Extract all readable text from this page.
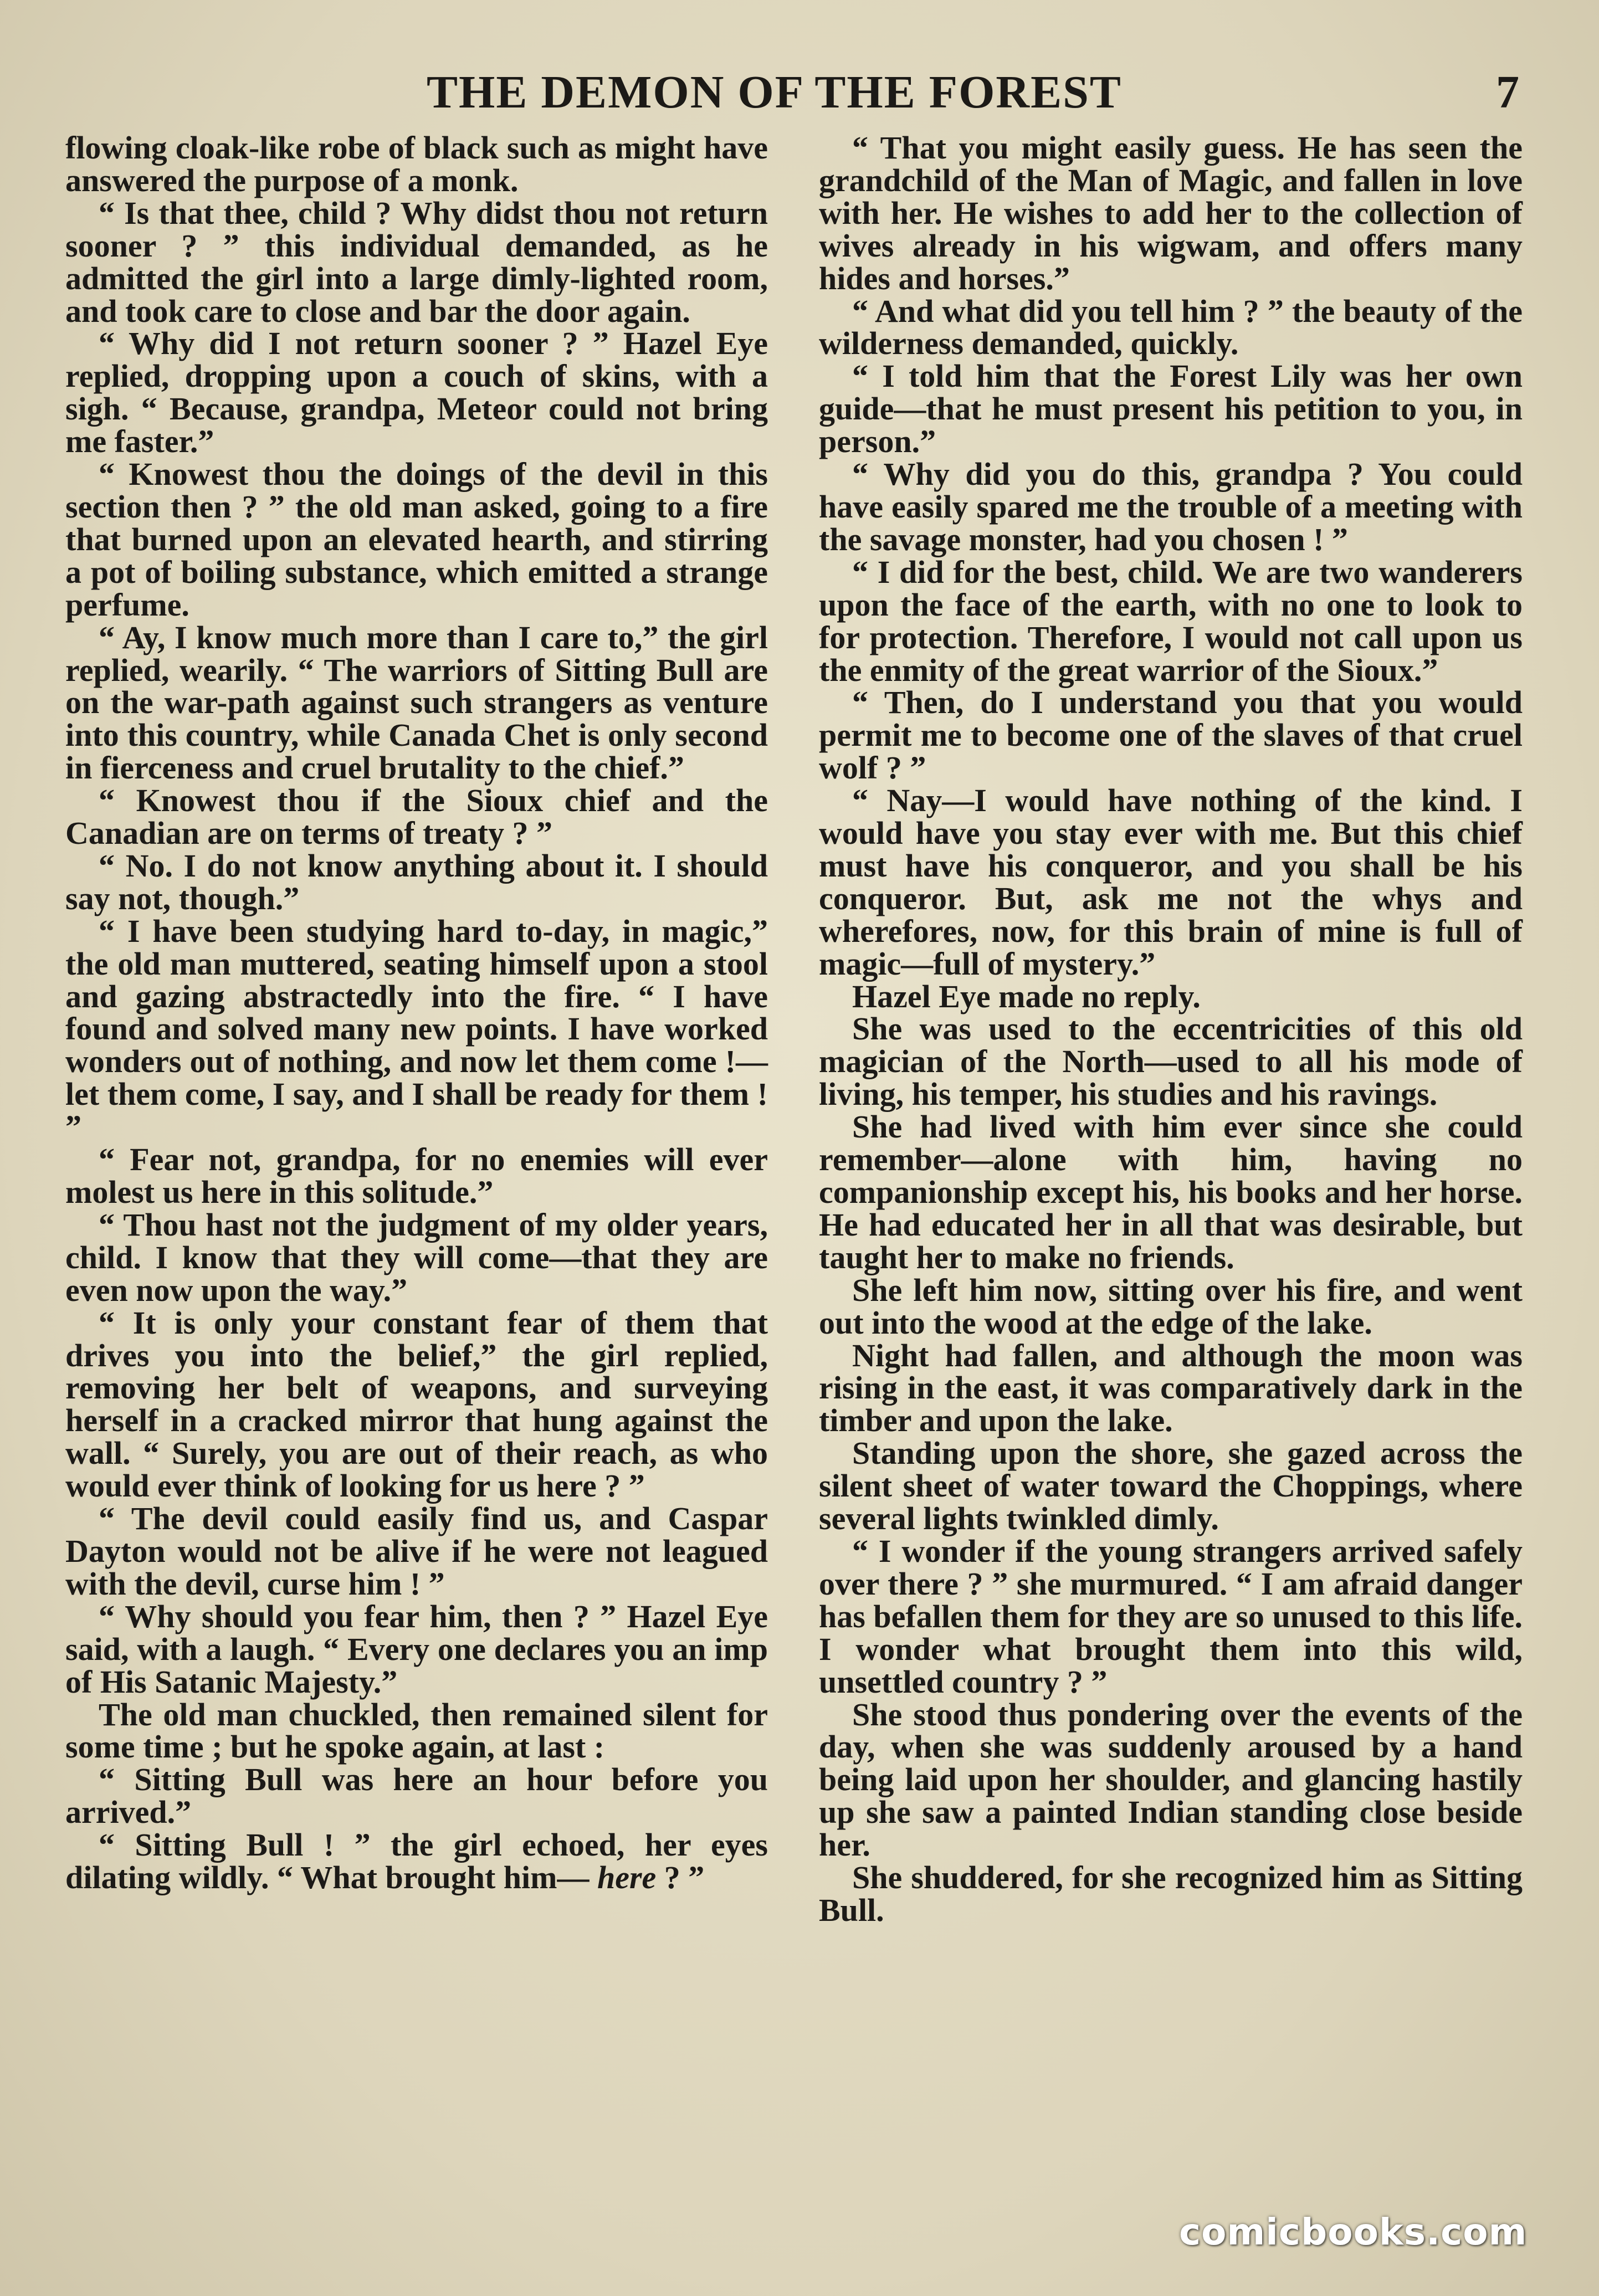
THE DEMON OF THE FOREST	7

flowing cloak-like robe of black such as might have answered the purpose of a monk.

“ Is that thee, child ? Why didst thou not return sooner ? ” this individual demanded, as he admitted the girl into a large dimly-lighted room, and took care to close and bar the door again.

“ Why did I not return sooner ? ” Hazel Eye replied, dropping upon a couch of skins, with a sigh. “ Because, grandpa, Meteor could not bring me faster.”

“ Knowest thou the doings of the devil in this section then ? ” the old man asked, going to a fire that burned upon an elevated hearth, and stirring a pot of boiling substance, which emitted a strange perfume.

“ Ay, I know much more than I care to,” the girl replied, wearily. “ The warriors of Sitting Bull are on the war-path against such strangers as venture into this country, while Canada Chet is only second in fierceness and cruel brutality to the chief.”

“ Knowest thou if the Sioux chief and the Canadian are on terms of treaty ? ”

“ No. I do not know anything about it. I should say not, though.”

“ I have been studying hard to-day, in magic,” the old man muttered, seating himself upon a stool and gazing abstractedly into the fire. “ I have found and solved many new points. I have worked wonders out of nothing, and now let them come !—let them come, I say, and I shall be ready for them ! ”

“ Fear not, grandpa, for no enemies will ever molest us here in this solitude.”

“ Thou hast not the judgment of my older years, child. I know that they will come—that they are even now upon the way.”

“ It is only your constant fear of them that drives you into the belief,” the girl replied, removing her belt of weapons, and surveying herself in a cracked mirror that hung against the wall. “ Surely, you are out of their reach, as who would ever think of looking for us here ? ”

“ The devil could easily find us, and Caspar Dayton would not be alive if he were not leagued with the devil, curse him ! ”

“ Why should you fear him, then ? ” Hazel Eye said, with a laugh. “ Every one declares you an imp of His Satanic Majesty.”

The old man chuckled, then remained silent for some time ; but he spoke again, at last :

“ Sitting Bull was here an hour before you arrived.”

“ Sitting Bull ! ” the girl echoed, her eyes dilating wildly. “ What brought him— here ? ”

“ That you might easily guess. He has seen the grandchild of the Man of Magic, and fallen in love with her. He wishes to add her to the collection of wives already in his wigwam, and offers many hides and horses.”

“ And what did you tell him ? ” the beauty of the wilderness demanded, quickly.

“ I told him that the Forest Lily was her own guide—that he must present his petition to you, in person.”

“ Why did you do this, grandpa ? You could have easily spared me the trouble of a meeting with the savage monster, had you chosen ! ”

“ I did for the best, child. We are two wanderers upon the face of the earth, with no one to look to for protection. Therefore, I would not call upon us the enmity of the great warrior of the Sioux.”

“ Then, do I understand you that you would permit me to become one of the slaves of that cruel wolf ? ”

“ Nay—I would have nothing of the kind. I would have you stay ever with me. But this chief must have his conqueror, and you shall be his conqueror. But, ask me not the whys and wherefores, now, for this brain of mine is full of magic—full of mystery.”

Hazel Eye made no reply.

She was used to the eccentricities of this old magician of the North—used to all his mode of living, his temper, his studies and his ravings.

She had lived with him ever since she could remember—alone with him, having no companionship except his, his books and her horse. He had educated her in all that was desirable, but taught her to make no friends.

She left him now, sitting over his fire, and went out into the wood at the edge of the lake.

Night had fallen, and although the moon was rising in the east, it was comparatively dark in the timber and upon the lake.

Standing upon the shore, she gazed across the silent sheet of water toward the Choppings, where several lights twinkled dimly.

“ I wonder if the young strangers arrived safely over there ? ” she murmured. “ I am afraid danger has befallen them for they are so unused to this life. I wonder what brought them into this wild, unsettled country ? ”

She stood thus pondering over the events of the day, when she was suddenly aroused by a hand being laid upon her shoulder, and glancing hastily up she saw a painted Indian standing close beside her.

She shuddered, for she recognized him as Sitting Bull.

comicbooks.com
